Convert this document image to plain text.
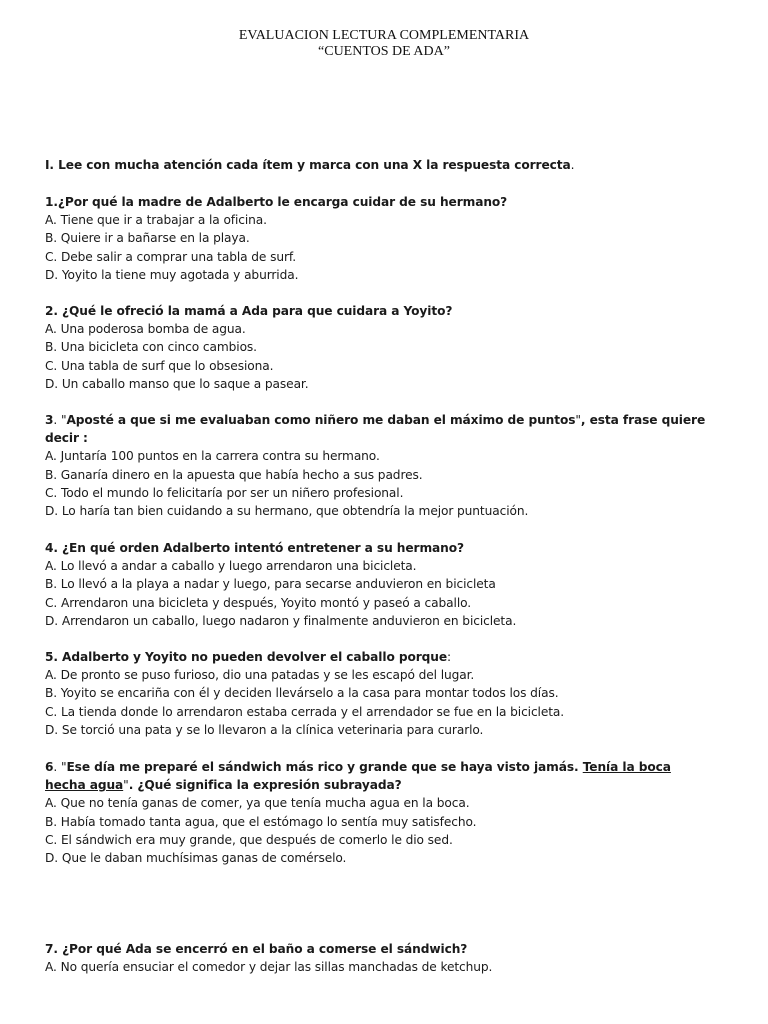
EVALUACION LECTURA COMPLEMENTARIA
“CUENTOS DE ADA”
I. Lee con mucha atención cada ítem y marca con una X la respuesta correcta.
1.¿Por qué la madre de Adalberto le encarga cuidar de su hermano?
A. Tiene que ir a trabajar a la oficina.
B. Quiere ir a bañarse en la playa.
C. Debe salir a comprar una tabla de surf.
D. Yoyito la tiene muy agotada y aburrida.
2. ¿Qué le ofreció la mamá a Ada para que cuidara a Yoyito?
A. Una poderosa bomba de agua.
B. Una bicicleta con cinco cambios.
C. Una tabla de surf que lo obsesiona.
D. Un caballo manso que lo saque a pasear.
3. "Aposté a que si me evaluaban como niñero me daban el máximo de puntos", esta frase quiere decir :
A. Juntaría 100 puntos en la carrera contra su hermano.
B. Ganaría dinero en la apuesta que había hecho a sus padres.
C. Todo el mundo lo felicitaría por ser un niñero profesional.
D. Lo haría tan bien cuidando a su hermano, que obtendría la mejor puntuación.
4. ¿En qué orden Adalberto intentó entretener a su hermano?
A. Lo llevó a andar a caballo y luego arrendaron una bicicleta.
B. Lo llevó a la playa a nadar y luego, para secarse anduvieron en bicicleta
C. Arrendaron una bicicleta y después, Yoyito montó y paseó a caballo.
D. Arrendaron un caballo, luego nadaron y finalmente anduvieron en bicicleta.
5. Adalberto y Yoyito no pueden devolver el caballo porque:
A. De pronto se puso furioso, dio una patadas y se les escapó del lugar.
B. Yoyito se encariña con él y deciden llevárselo a la casa para montar todos los días.
C. La tienda donde lo arrendaron estaba cerrada y el arrendador se fue en la bicicleta.
D. Se torció una pata y se lo llevaron a la clínica veterinaria para curarlo.
6. "Ese día me preparé el sándwich más rico y grande que se haya visto jamás. Tenía la boca
hecha agua". ¿Qué significa la expresión subrayada?
A. Que no tenía ganas de comer, ya que tenía mucha agua en la boca.
B. Había tomado tanta agua, que el estómago lo sentía muy satisfecho.
C. El sándwich era muy grande, que después de comerlo le dio sed.
D. Que le daban muchísimas ganas de comérselo.
7. ¿Por qué Ada se encerró en el baño a comerse el sándwich?
A. No quería ensuciar el comedor y dejar las sillas manchadas de ketchup.
